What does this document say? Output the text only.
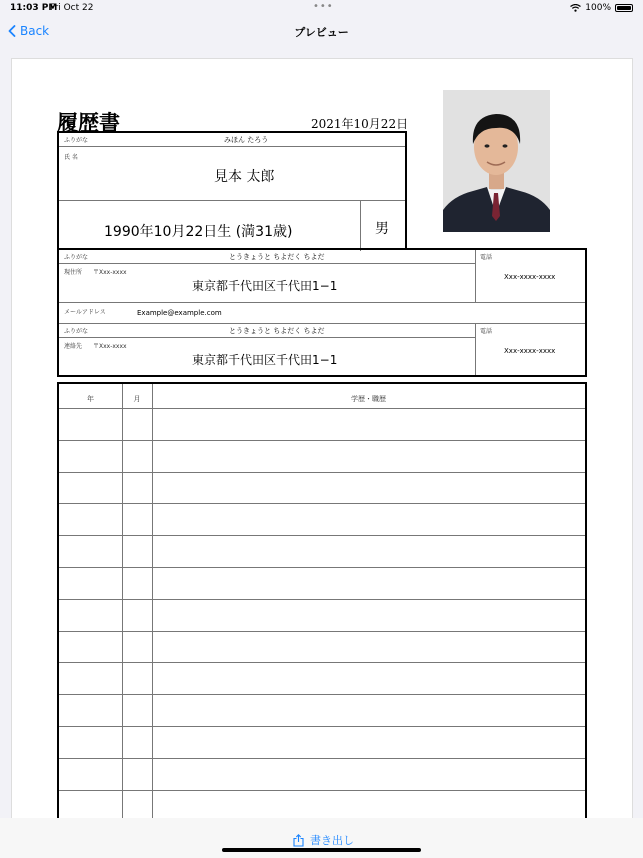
11:03 PM
Fri Oct 22	•••	100%
Back	プレビュー
履歴書	2021年10月22日
ふりがな	みほん たろう
氏 名
見本 太郎
1990年10月22日生 (満31歳)	男
ふりがな	とうきょうと ちよだく ちよだ
現住所 〒Xxx-xxxx
東京都千代田区千代田1−1
電話
Xxx-xxxx-xxxx
メールアドレス	Example@example.com
ふりがな	とうきょうと ちよだく ちよだ
連絡先 〒Xxx-xxxx
東京都千代田区千代田1−1
電話
Xxx-xxxx-xxxx
年	月	学歴・職歴
書き出し
